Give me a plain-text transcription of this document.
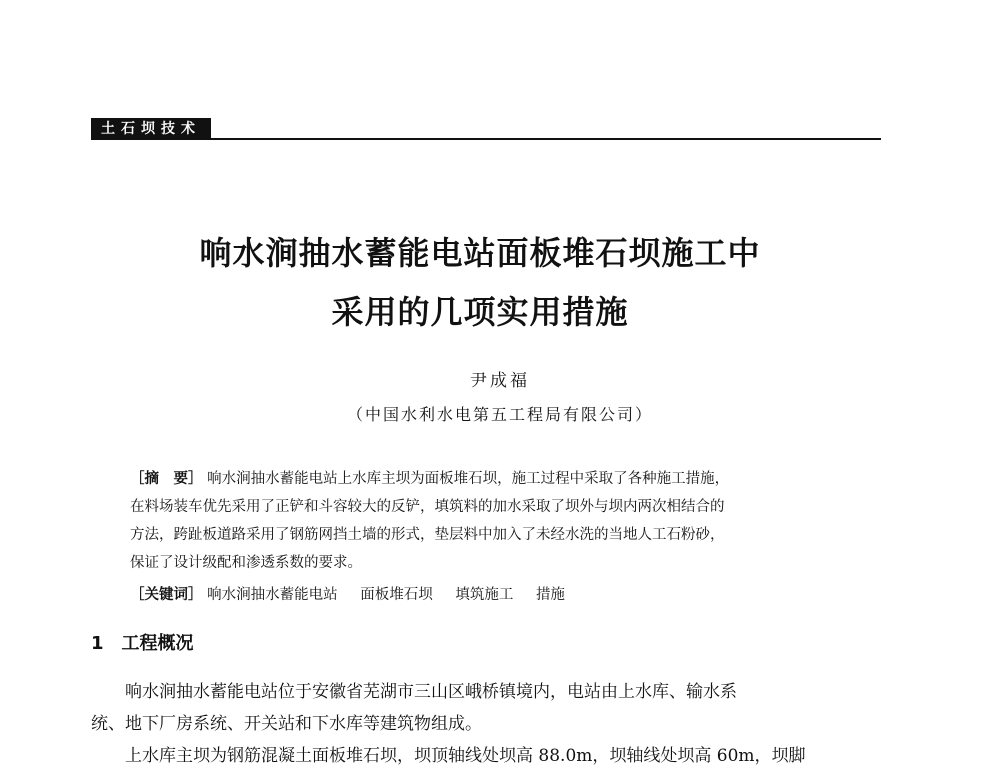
土石坝技术
响水涧抽水蓄能电站面板堆石坝施工中
采用的几项实用措施
尹成福
（中国水利水电第五工程局有限公司）
［摘　要］ 响水涧抽水蓄能电站上水库主坝为面板堆石坝，施工过程中采取了各种施工措施，
在料场装车优先采用了正铲和斗容较大的反铲，填筑料的加水采取了坝外与坝内两次相结合的
方法，跨趾板道路采用了钢筋网挡土墙的形式，垫层料中加入了未经水洗的当地人工石粉砂，
保证了设计级配和渗透系数的要求。
［关键词］ 响水涧抽水蓄能电站 面板堆石坝 填筑施工 措施
1 工程概况
响水涧抽水蓄能电站位于安徽省芜湖市三山区峨桥镇境内，电站由上水库、输水系
统、地下厂房系统、开关站和下水库等建筑物组成。
上水库主坝为钢筋混凝土面板堆石坝，坝顶轴线处坝高 88.0m，坝轴线处坝高 60m，坝脚
